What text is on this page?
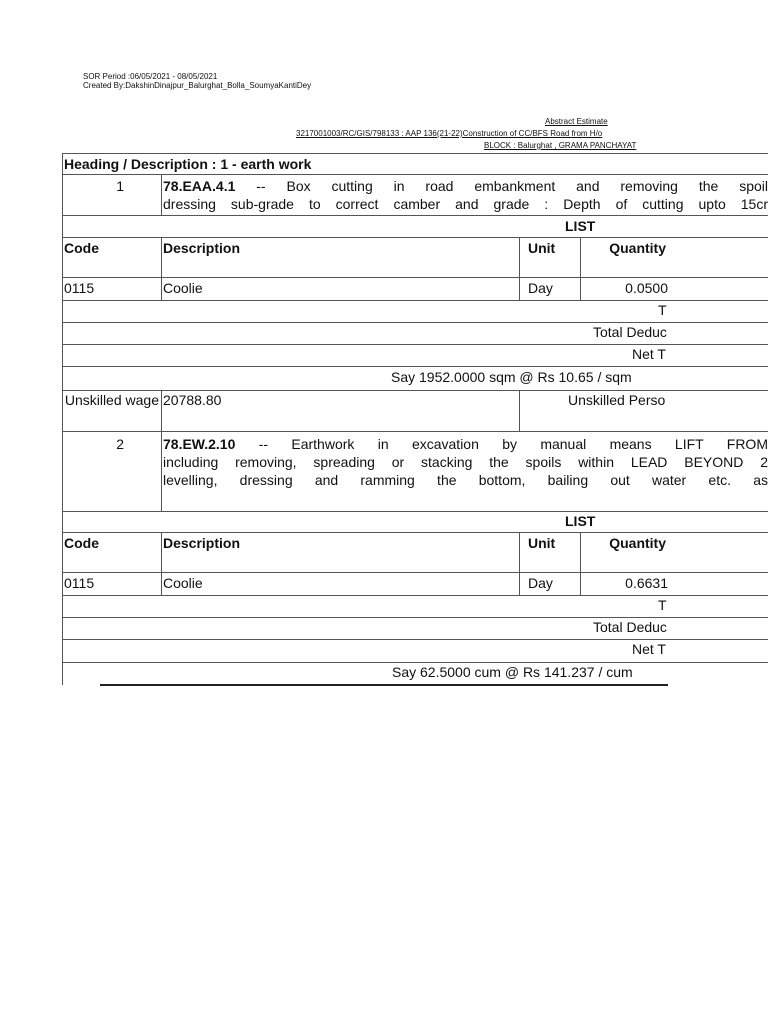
SOR Period :06/05/2021 - 08/05/2021
Created By:DakshinDinajpur_Balurghat_Bolla_SoumyaKantiDey
Abstract Estimate
3217001003/RC/GIS/798133 : AAP 136(21-22)Construction of CC/BFS Road from H/o
BLOCK : Balurghat , GRAMA PANCHAYAT
Heading / Description : 1 - earth work
1	78.EAA.4.1 -- Box cutting in road embankment and removing the spoil
dressing sub-grade to correct camber and grade : Depth of cutting upto 15cr
LIST
Code	Description	Unit	Quantity
0115	Coolie	Day	0.0500
T
Total Deduc
Net T
Say 1952.0000 sqm @ Rs 10.65 / sqm
Unskilled wage 20788.80	Unskilled Perso
2	78.EW.2.10 -- Earthwork in excavation by manual means LIFT FROM
including removing, spreading or stacking the spoils within LEAD BEYOND 2
levelling, dressing and ramming the bottom, bailing out water etc. as
LIST
Code	Description	Unit	Quantity
0115	Coolie	Day	0.6631
T
Total Deduc
Net T
Say 62.5000 cum @ Rs 141.237 / cum
